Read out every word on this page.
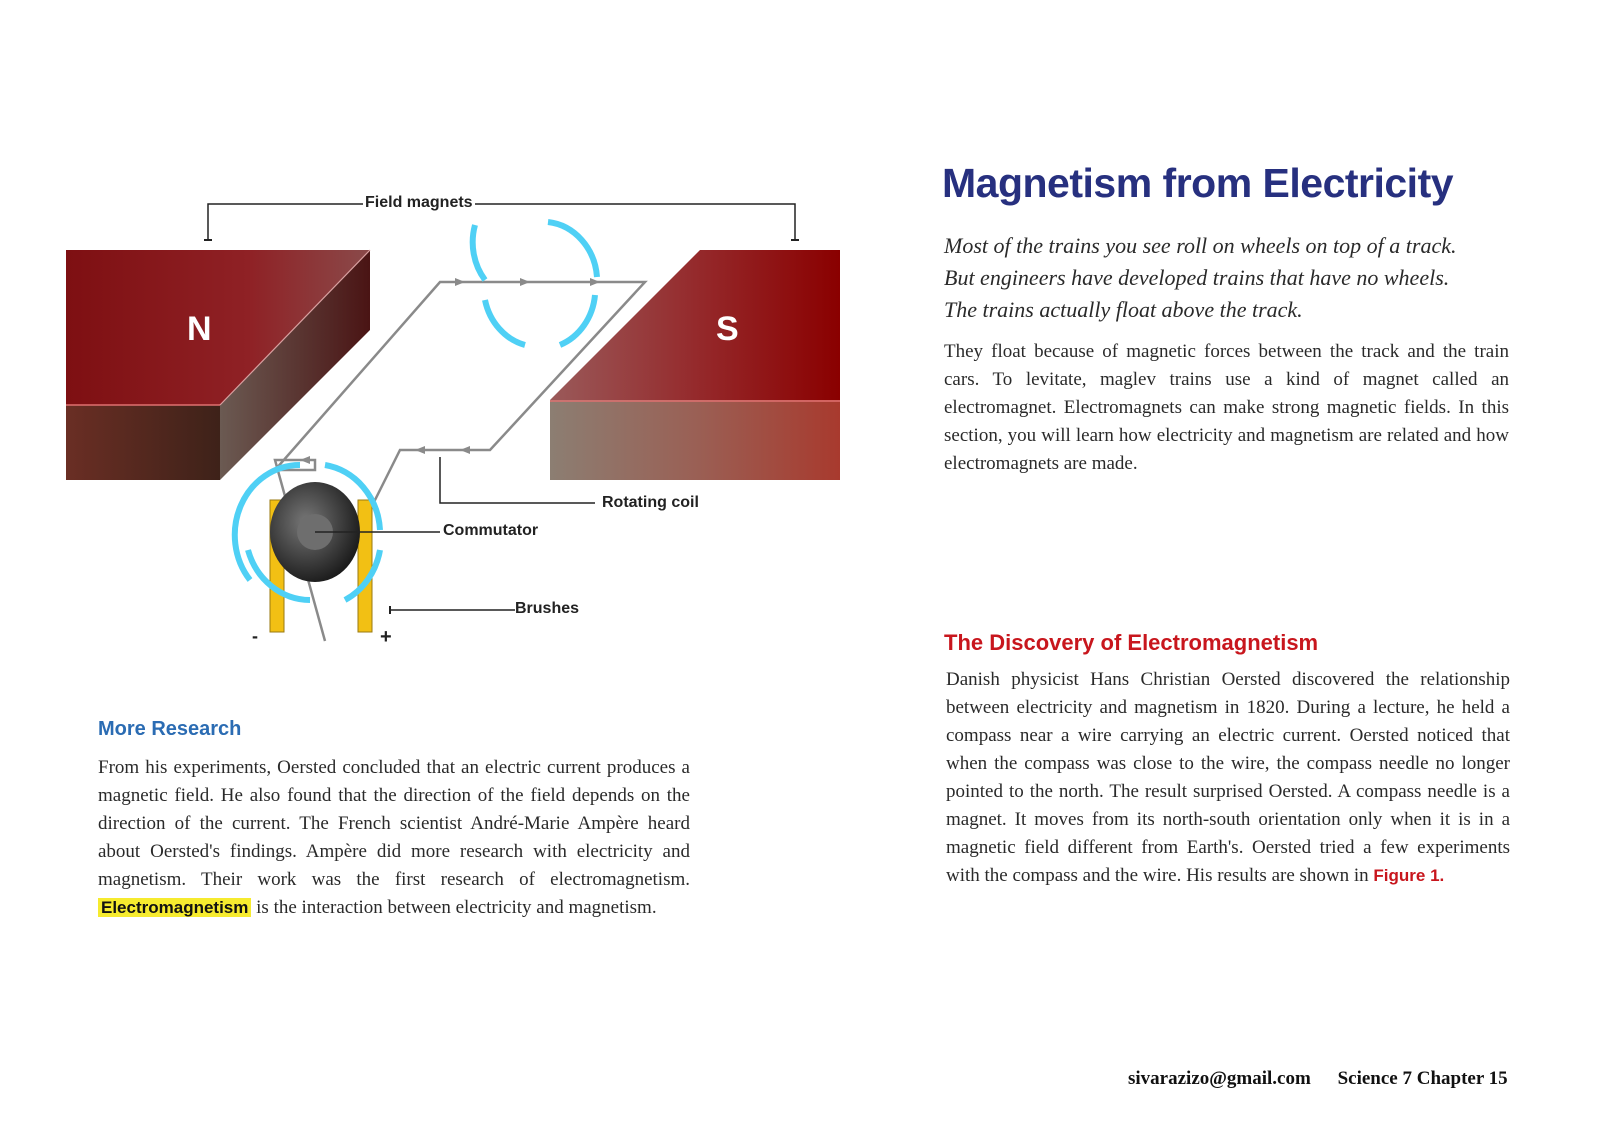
Field magnets
Rotating coil
Commutator
Brushes
-	+
N	S
Magnetism from Electricity

Most of the trains you see roll on wheels on top of a track.

But engineers have developed trains that have no wheels.

The trains actually float above the track.

They float because of magnetic forces between the track and the train cars. To levitate, maglev trains use a kind of magnet called an electromagnet. Electromagnets can make strong magnetic fields. In this section, you will learn how electricity and magnetism are related and how electromagnets are made.
The Discovery of Electromagnetism
Danish physicist Hans Christian Oersted discovered the relationship between electricity and magnetism in 1820. During a lecture, he held a compass near a wire carrying an electric current. Oersted noticed that when the compass was close to the wire, the compass needle no longer pointed to the north. The result surprised Oersted. A compass needle is a magnet. It moves from its north-south orientation only when it is in a magnetic field different from Earth's. Oersted tried a few experiments with the compass and the wire. His results are shown in Figure 1.
More Research
From his experiments, Oersted concluded that an electric current produces a magnetic field. He also found that the direction of the field depends on the direction of the current. The French scientist André-Marie Ampère heard about Oersted's findings. Ampère did more research with electricity and magnetism. Their work was the first research of electromagnetism. Electromagnetism is the interaction between electricity and magnetism.
sivarazizo@gmail.com Science 7 Chapter 15
